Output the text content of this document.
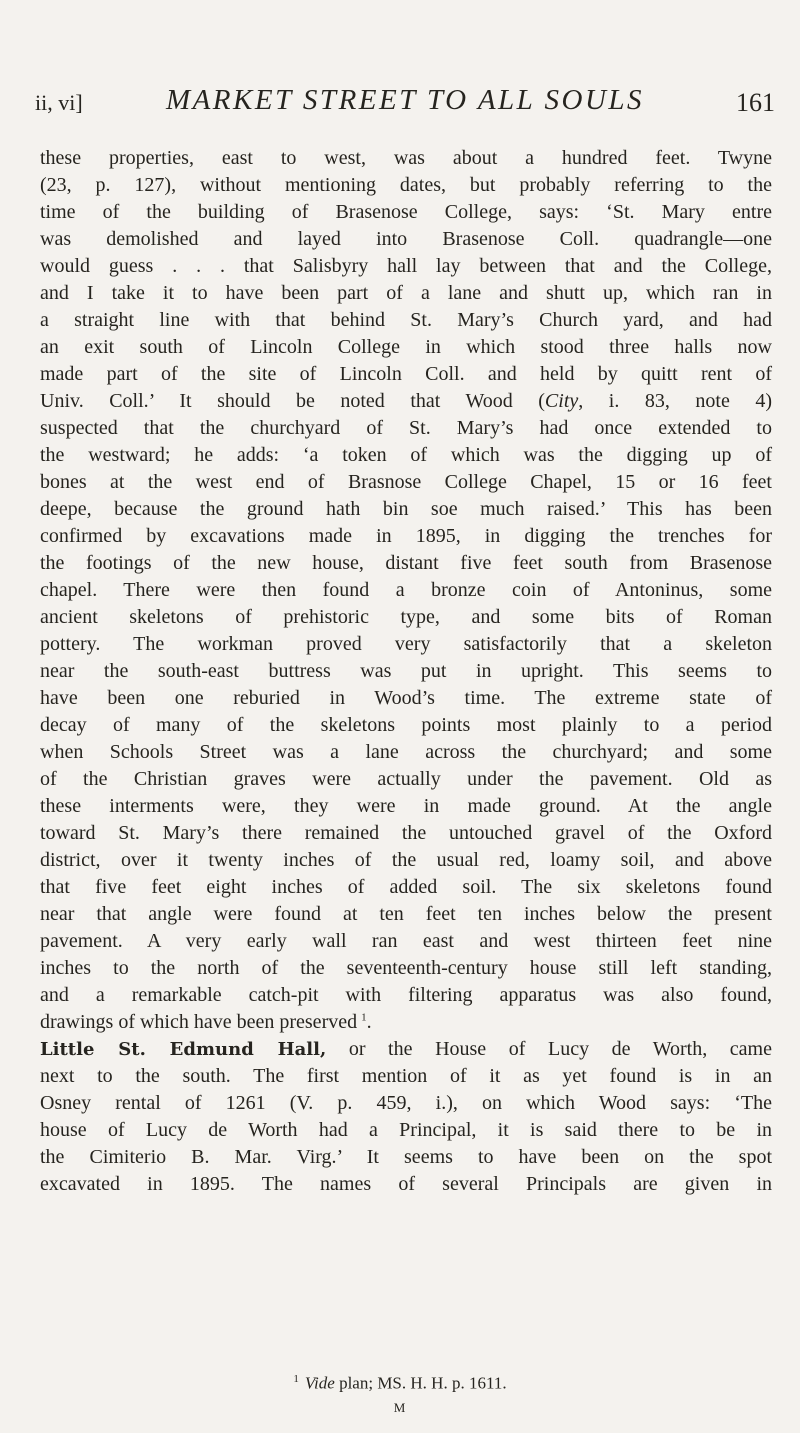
ii, vi]	MARKET STREET TO ALL SOULS	161
these properties, east to west, was about a hundred feet. Twyne
(23, p. 127), without mentioning dates, but probably referring to the
time of the building of Brasenose College, says: ‘St. Mary entre
was demolished and layed into Brasenose Coll. quadrangle—one
would guess . . . that Salisbyry hall lay between that and the College,
and I take it to have been part of a lane and shutt up, which ran in
a straight line with that behind St. Mary’s Church yard, and had
an exit south of Lincoln College in which stood three halls now
made part of the site of Lincoln Coll. and held by quitt rent of
Univ. Coll.’ It should be noted that Wood (City, i. 83, note 4)
suspected that the churchyard of St. Mary’s had once extended to
the westward; he adds: ‘a token of which was the digging up of
bones at the west end of Brasnose College Chapel, 15 or 16 feet
deepe, because the ground hath bin soe much raised.’ This has been
confirmed by excavations made in 1895, in digging the trenches for
the footings of the new house, distant five feet south from Brasenose
chapel. There were then found a bronze coin of Antoninus, some
ancient skeletons of prehistoric type, and some bits of Roman
pottery. The workman proved very satisfactorily that a skeleton
near the south-east buttress was put in upright. This seems to
have been one reburied in Wood’s time. The extreme state of
decay of many of the skeletons points most plainly to a period
when Schools Street was a lane across the churchyard; and some
of the Christian graves were actually under the pavement. Old as
these interments were, they were in made ground. At the angle
toward St. Mary’s there remained the untouched gravel of the Oxford
district, over it twenty inches of the usual red, loamy soil, and above
that five feet eight inches of added soil. The six skeletons found
near that angle were found at ten feet ten inches below the present
pavement. A very early wall ran east and west thirteen feet nine
inches to the north of the seventeenth-century house still left standing,
and a remarkable catch-pit with filtering apparatus was also found,
drawings of which have been preserved  $^1$.
Little St. Edmund Hall, or the House of Lucy de Worth, came
next to the south. The first mention of it as yet found is in an
Osney rental of 1261 (V. p. 459, i.), on which Wood says: ‘The
house of Lucy de Worth had a Principal, it is said there to be in
the Cimiterio B. Mar. Virg.’ It seems to have been on the spot
excavated in 1895. The names of several Principals are given in
$^1$ Vide plan; MS. H. H. p. 1611.
M
